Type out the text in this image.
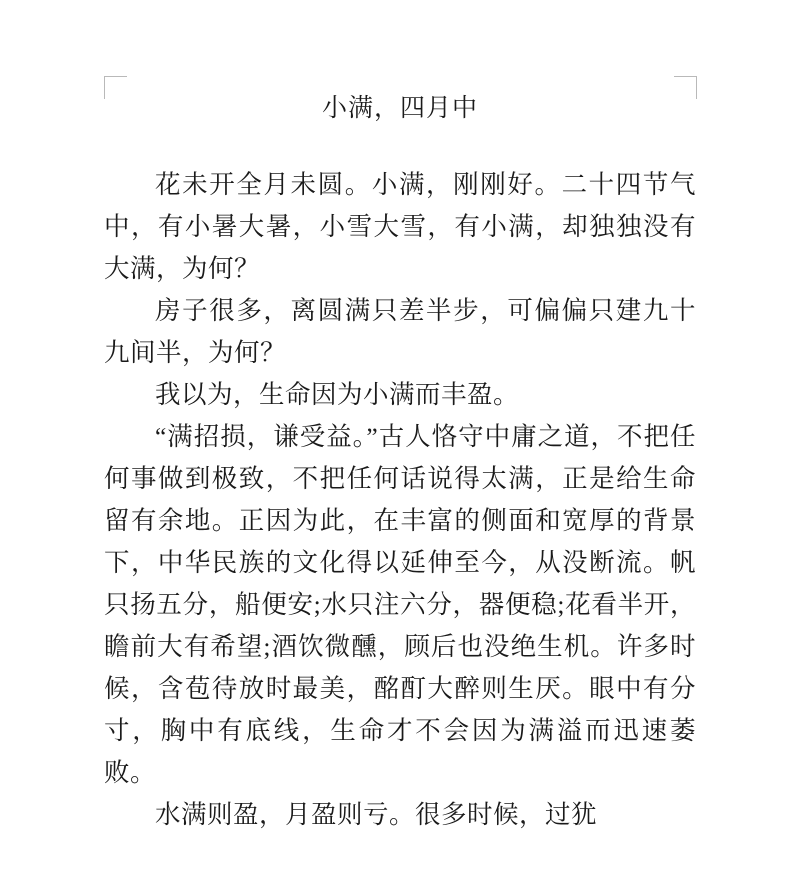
小满，四月中

花未开全月未圆。小满，刚刚好。二十四节气中，有小暑大暑，小雪大雪，有小满，却独独没有大满，为何？

房子很多，离圆满只差半步，可偏偏只建九十九间半，为何？

我以为，生命因为小满而丰盈。

“满招损，谦受益。”古人恪守中庸之道，不把任何事做到极致，不把任何话说得太满，正是给生命留有余地。正因为此，在丰富的侧面和宽厚的背景下，中华民族的文化得以延伸至今，从没断流。帆只扬五分，船便安;水只注六分，器便稳;花看半开，瞻前大有希望;酒饮微醺，顾后也没绝生机。许多时候，含苞待放时最美，酩酊大醉则生厌。眼中有分寸，胸中有底线，生命才不会因为满溢而迅速萎败。

水满则盈，月盈则亏。很多时候，过犹
